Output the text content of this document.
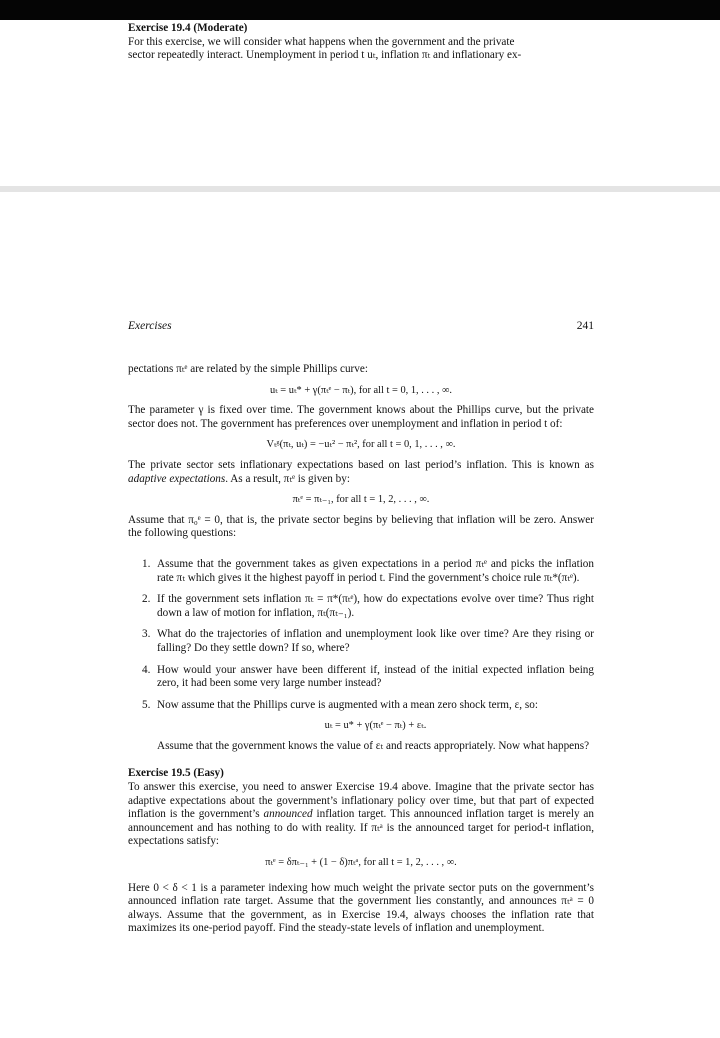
Exercise 19.4 (Moderate)

For this exercise, we will consider what happens when the government and the private

sector repeatedly interact. Unemployment in period t uₜ, inflation πₜ and inflationary ex-

Exercises	241

pectations πₜᵉ are related by the simple Phillips curve:

uₜ = uₜ* + γ(πₜᵉ − πₜ), for all t = 0, 1, . . . , ∞.

The parameter γ is fixed over time. The government knows about the Phillips curve, but the private sector does not. The government has preferences over unemployment and inflation in period t of:

Vₜᵍ(πₜ, uₜ) = −uₜ² − πₜ², for all t = 0, 1, . . . , ∞.

The private sector sets inflationary expectations based on last period’s inflation. This is known as adaptive expectations. As a result, πₜᵉ is given by:

πₜᵉ = πₜ₋₁, for all t = 1, 2, . . . , ∞.

Assume that π₀ᵉ = 0, that is, the private sector begins by believing that inflation will be zero. Answer the following questions:

1. Assume that the government takes as given expectations in a period πₜᵉ and picks the inflation rate πₜ which gives it the highest payoff in period t. Find the government’s choice rule πₜ*(πₜᵉ).
2. If the government sets inflation πₜ = π*(πₜᵉ), how do expectations evolve over time? Thus right down a law of motion for inflation, πₜ(πₜ₋₁).
3. What do the trajectories of inflation and unemployment look like over time? Are they rising or falling? Do they settle down? If so, where?
4. How would your answer have been different if, instead of the initial expected inflation being zero, it had been some very large number instead?
5. Now assume that the Phillips curve is augmented with a mean zero shock term, ε, so:
uₜ = u* + γ(πₜᵉ − πₜ) + εₜ.

Assume that the government knows the value of εₜ and reacts appropriately. Now what happens?

Exercise 19.5 (Easy)

To answer this exercise, you need to answer Exercise 19.4 above. Imagine that the private sector has adaptive expectations about the government’s inflationary policy over time, but that part of expected inflation is the government’s announced inflation target. This announced inflation target is merely an announcement and has nothing to do with reality. If πₜᵃ is the announced target for period-t inflation, expectations satisfy:

πₜᵉ = δπₜ₋₁ + (1 − δ)πₜᵃ, for all t = 1, 2, . . . , ∞.

Here 0 < δ < 1 is a parameter indexing how much weight the private sector puts on the government’s announced inflation rate target. Assume that the government lies constantly, and announces πₜᵃ = 0 always. Assume that the government, as in Exercise 19.4, always chooses the inflation rate that maximizes its one-period payoff. Find the steady-state levels of inflation and unemployment.
